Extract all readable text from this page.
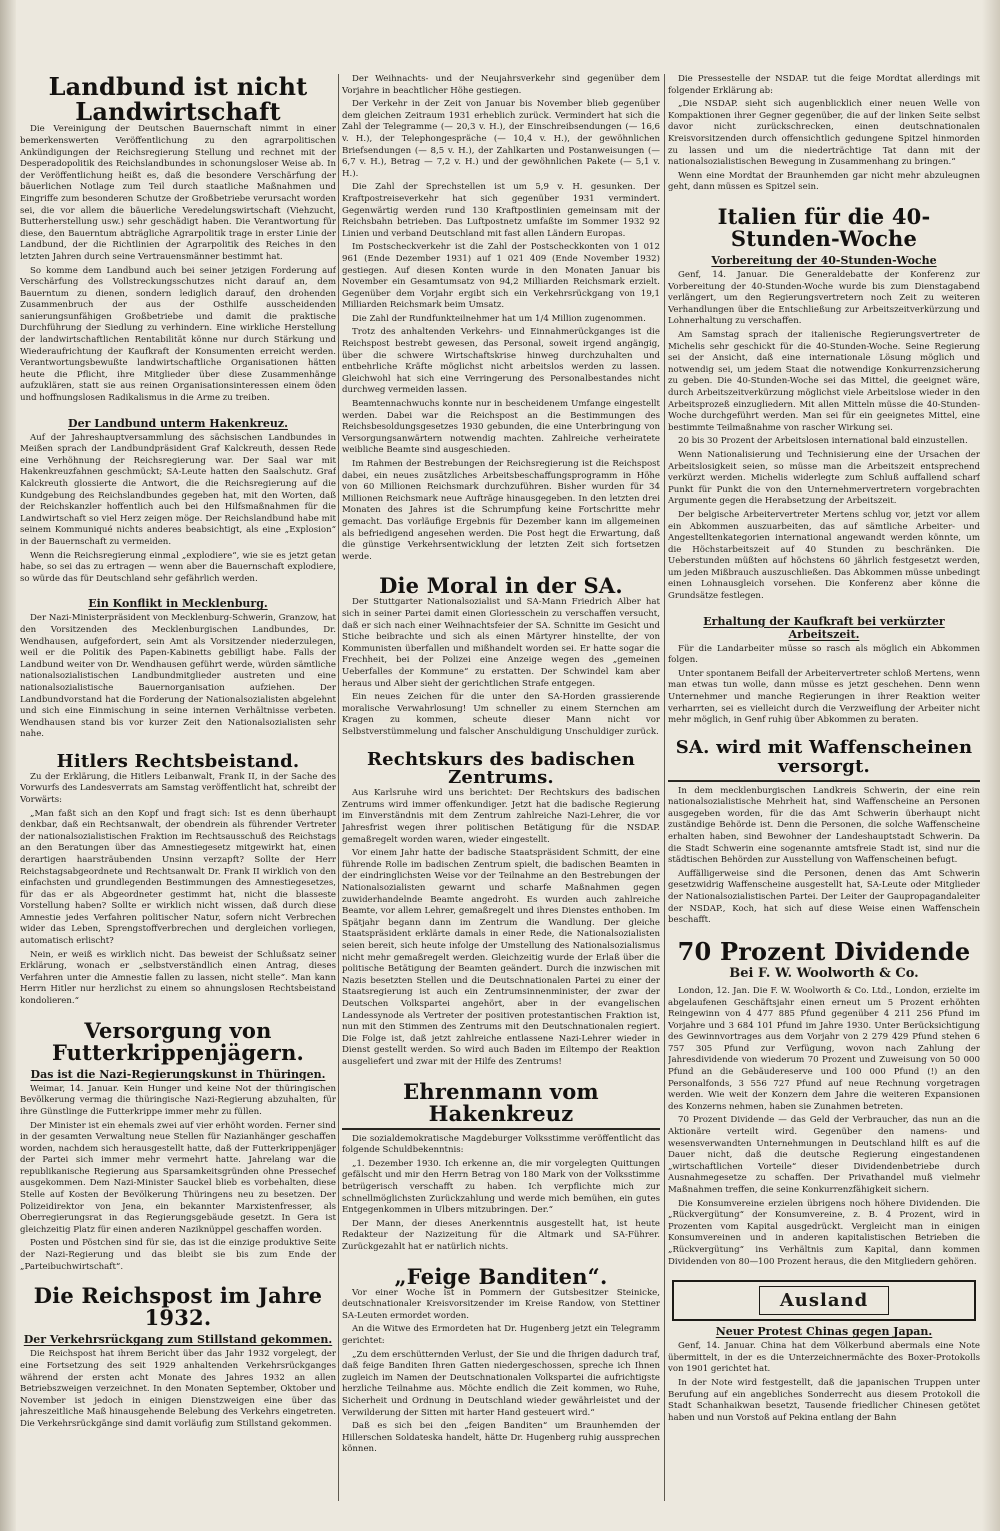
Landbund ist nicht Landwirtschaft

Die Vereinigung der Deutschen Bauernschaft nimmt in einer bemerkenswerten Veröffentlichung zu den agrarpolitischen Ankündigungen der Reichsregierung Stellung und rechnet mit der Desperadopolitik des Reichslandbundes in schonungsloser Weise ab. In der Veröffentlichung heißt es, daß die besondere Verschärfung der bäuerlichen Notlage zum Teil durch staatliche Maßnahmen und Eingriffe zum besonderen Schutze der Großbetriebe verursacht worden sei, die vor allem die bäuerliche Veredelungswirtschaft (Viehzucht, Butterherstellung usw.) sehr geschädigt haben. Die Verantwortung für diese, den Bauerntum abträgliche Agrarpolitik trage in erster Linie der Landbund, der die Richtlinien der Agrarpolitik des Reiches in den letzten Jahren durch seine Vertrauensmänner bestimmt hat.

So komme dem Landbund auch bei seiner jetzigen Forderung auf Verschärfung des Vollstreckungsschutzes nicht darauf an, dem Bauerntum zu dienen, sondern lediglich darauf, den drohenden Zusammenbruch der aus der Osthilfe ausscheidenden sanierungsunfähigen Großbetriebe und damit die praktische Durchführung der Siedlung zu verhindern. Eine wirkliche Herstellung der landwirtschaftlichen Rentabilität könne nur durch Stärkung und Wiederaufrichtung der Kaufkraft der Konsumenten erreicht werden. Verantwortungsbewußte landwirtschaftliche Organisationen hätten heute die Pflicht, ihre Mitglieder über diese Zusammenhänge aufzuklären, statt sie aus reinen Organisationsinteressen einem öden und hoffnungslosen Radikalismus in die Arme zu treiben.

Der Landbund unterm Hakenkreuz.

Auf der Jahreshauptversammlung des sächsischen Landbundes in Meißen sprach der Landbundpräsident Graf Kalckreuth, dessen Rede eine Verhöhnung der Reichsregierung war. Der Saal war mit Hakenkreuzfahnen geschmückt; SA-Leute hatten den Saalschutz. Graf Kalckreuth glossierte die Antwort, die die Reichsregierung auf die Kundgebung des Reichslandbundes gegeben hat, mit den Worten, daß der Reichskanzler hoffentlich auch bei den Hilfsmaßnahmen für die Landwirtschaft so viel Herz zeigen möge. Der Reichslandbund habe mit seinem Kommuniqué nichts anderes beabsichtigt, als eine „Explosion“ in der Bauernschaft zu vermeiden.

Wenn die Reichsregierung einmal „explodiere“, wie sie es jetzt getan habe, so sei das zu ertragen — wenn aber die Bauernschaft explodiere, so würde das für Deutschland sehr gefährlich werden.

Ein Konflikt in Mecklenburg.

Der Nazi-Ministerpräsident von Mecklenburg-Schwerin, Granzow, hat den Vorsitzenden des Mecklenburgischen Landbundes, Dr. Wendhausen, aufgefordert, sein Amt als Vorsitzender niederzulegen, weil er die Politik des Papen-Kabinetts gebilligt habe. Falls der Landbund weiter von Dr. Wendhausen geführt werde, würden sämtliche nationalsozialistischen Landbundmitglieder austreten und eine nationalsozialistische Bauernorganisation aufziehen. Der Landbundvorstand hat die Forderung der Nationalsozialisten abgelehnt und sich eine Einmischung in seine internen Verhältnisse verbeten. Wendhausen stand bis vor kurzer Zeit den Nationalsozialisten sehr nahe.

Hitlers Rechtsbeistand.

Zu der Erklärung, die Hitlers Leibanwalt, Frank II, in der Sache des Vorwurfs des Landesverrats am Samstag veröffentlicht hat, schreibt der Vorwärts:

„Man faßt sich an den Kopf und fragt sich: Ist es denn überhaupt denkbar, daß ein Rechtsanwalt, der obendrein als führender Vertreter der nationalsozialistischen Fraktion im Rechtsausschuß des Reichstags an den Beratungen über das Amnestiegesetz mitgewirkt hat, einen derartigen haarsträubenden Unsinn verzapft? Sollte der Herr Reichstagsabgeordnete und Rechtsanwalt Dr. Frank II wirklich von den einfachsten und grundlegenden Bestimmungen des Amnestiegesetzes, für das er als Abgeordneter gestimmt hat, nicht die blasseste Vorstellung haben? Sollte er wirklich nicht wissen, daß durch diese Amnestie jedes Verfahren politischer Natur, sofern nicht Verbrechen wider das Leben, Sprengstoffverbrechen und dergleichen vorliegen, automatisch erlischt?

Nein, er weiß es wirklich nicht. Das beweist der Schlußsatz seiner Erklärung, wonach er „selbstverständlich einen Antrag, dieses Verfahren unter die Amnestie fallen zu lassen, nicht stelle“. Man kann Herrn Hitler nur herzlichst zu einem so ahnungslosen Rechtsbeistand kondolieren.“

Versorgung von Futterkrippenjägern.
Das ist die Nazi-Regierungskunst in Thüringen.

Weimar, 14. Januar. Kein Hunger und keine Not der thüringischen Bevölkerung vermag die thüringische Nazi-Regierung abzuhalten, für ihre Günstlinge die Futterkrippe immer mehr zu füllen.

Der Minister ist ein ehemals zwei auf vier erhöht worden. Ferner sind in der gesamten Verwaltung neue Stellen für Nazianhänger geschaffen worden, nachdem sich herausgestellt hatte, daß der Futterkrippenjäger der Partei sich immer mehr vermehrt hatte. Jahrelang war die republikanische Regierung aus Sparsamkeitsgründen ohne Pressechef ausgekommen. Dem Nazi-Minister Sauckel blieb es vorbehalten, diese Stelle auf Kosten der Bevölkerung Thüringens neu zu besetzen. Der Polizeidirektor von Jena, ein bekannter Marxistenfresser, als Oberregierungsrat in das Regierungsgebäude gesetzt. In Gera ist gleichzeitig Platz für einen anderen Naziknüppel geschaffen worden.

Posten und Pöstchen sind für sie, das ist die einzige produktive Seite der Nazi-Regierung und das bleibt sie bis zum Ende der „Parteibuchwirtschaft“.

Die Reichspost im Jahre 1932.
Der Verkehrsrückgang zum Stillstand gekommen.

Die Reichspost hat ihrem Bericht über das Jahr 1932 vorgelegt, der eine Fortsetzung des seit 1929 anhaltenden Verkehrsrückganges während der ersten acht Monate des Jahres 1932 an allen Betriebszweigen verzeichnet. In den Monaten September, Oktober und November ist jedoch in einigen Dienstzweigen eine über das jahreszeitliche Maß hinausgehende Belebung des Verkehrs eingetreten. Die Verkehrsrückgänge sind damit vorläufig zum Stillstand gekommen.

Der Weihnachts- und der Neujahrsverkehr sind gegenüber dem Vorjahre in beachtlicher Höhe gestiegen.

Der Verkehr in der Zeit von Januar bis November blieb gegenüber dem gleichen Zeitraum 1931 erheblich zurück. Vermindert hat sich die Zahl der Telegramme (— 20,3 v. H.), der Einschreibsendungen (— 16,6 v. H.), der Telephongespräche (— 10,4 v. H.), der gewöhnlichen Briefsendungen (— 8,5 v. H.), der Zahlkarten und Postanweisungen (— 6,7 v. H.), Betrag — 7,2 v. H.) und der gewöhnlichen Pakete (— 5,1 v. H.).

Die Zahl der Sprechstellen ist um 5,9 v. H. gesunken. Der Kraftpostreiseverkehr hat sich gegenüber 1931 vermindert. Gegenwärtig werden rund 130 Kraftpostlinien gemeinsam mit der Reichsbahn betrieben. Das Luftpostnetz umfaßte im Sommer 1932 92 Linien und verband Deutschland mit fast allen Ländern Europas.

Im Postscheckverkehr ist die Zahl der Postscheckkonten von 1 012 961 (Ende Dezember 1931) auf 1 021 409 (Ende November 1932) gestiegen. Auf diesen Konten wurde in den Monaten Januar bis November ein Gesamtumsatz von 94,2 Milliarden Reichsmark erzielt. Gegenüber dem Vorjahr ergibt sich ein Verkehrsrückgang von 19,1 Milliarden Reichsmark beim Umsatz.

Die Zahl der Rundfunkteilnehmer hat um 1/4 Million zugenommen.

Trotz des anhaltenden Verkehrs- und Einnahmerückganges ist die Reichspost bestrebt gewesen, das Personal, soweit irgend angängig, über die schwere Wirtschaftskrise hinweg durchzuhalten und entbehrliche Kräfte möglichst nicht arbeitslos werden zu lassen. Gleichwohl hat sich eine Verringerung des Personalbestandes nicht durchweg vermeiden lassen.

Beamtennachwuchs konnte nur in bescheidenem Umfange eingestellt werden. Dabei war die Reichspost an die Bestimmungen des Reichsbesoldungsgesetzes 1930 gebunden, die eine Unterbringung von Versorgungsanwärtern notwendig machten. Zahlreiche verheiratete weibliche Beamte sind ausgeschieden.

Im Rahmen der Bestrebungen der Reichsregierung ist die Reichspost dabei, ein neues zusätzliches Arbeitsbeschaffungsprogramm in Höhe von 60 Millionen Reichsmark durchzuführen. Bisher wurden für 34 Millionen Reichsmark neue Aufträge hinausgegeben. In den letzten drei Monaten des Jahres ist die Schrumpfung keine Fortschritte mehr gemacht. Das vorläufige Ergebnis für Dezember kann im allgemeinen als befriedigend angesehen werden. Die Post hegt die Erwartung, daß die günstige Verkehrsentwicklung der letzten Zeit sich fortsetzen werde.

Die Moral in der SA.

Der Stuttgarter Nationalsozialist und SA-Mann Friedrich Alber hat sich in seiner Partei damit einen Gloriesschein zu verschaffen versucht, daß er sich nach einer Weihnachtsfeier der SA. Schnitte im Gesicht und Stiche beibrachte und sich als einen Märtyrer hinstellte, der von Kommunisten überfallen und mißhandelt worden sei. Er hatte sogar die Frechheit, bei der Polizei eine Anzeige wegen des „gemeinen Ueberfalles der Kommune“ zu erstatten. Der Schwindel kam aber heraus und Alber sieht der gerichtlichen Strafe entgegen.

Ein neues Zeichen für die unter den SA-Horden grassierende moralische Verwahrlosung! Um schneller zu einem Sternchen am Kragen zu kommen, scheute dieser Mann nicht vor Selbstverstümmelung und falscher Anschuldigung Unschuldiger zurück.

Rechtskurs des badischen Zentrums.

Aus Karlsruhe wird uns berichtet: Der Rechtskurs des badischen Zentrums wird immer offenkundiger. Jetzt hat die badische Regierung im Einverständnis mit dem Zentrum zahlreiche Nazi-Lehrer, die vor Jahresfrist wegen ihrer politischen Betätigung für die NSDAP. gemaßregelt worden waren, wieder eingestellt.

Vor einem Jahr hatte der badische Staatspräsident Schmitt, der eine führende Rolle im badischen Zentrum spielt, die badischen Beamten in der eindringlichsten Weise vor der Teilnahme an den Bestrebungen der Nationalsozialisten gewarnt und scharfe Maßnahmen gegen zuwiderhandelnde Beamte angedroht. Es wurden auch zahlreiche Beamte, vor allem Lehrer, gemaßregelt und ihres Dienstes enthoben. Im Spätjahr begann dann im Zentrum die Wandlung. Der gleiche Staatspräsident erklärte damals in einer Rede, die Nationalsozialisten seien bereit, sich heute infolge der Umstellung des Nationalsozialismus nicht mehr gemaßregelt werden. Gleichzeitig wurde der Erlaß über die politische Betätigung der Beamten geändert. Durch die inzwischen mit Nazis besetzten Stellen und die Deutschnationalen Partei zu einer der Staatsregierung ist auch ein Zentrumsinnenminister, der zwar der Deutschen Volkspartei angehört, aber in der evangelischen Landessynode als Vertreter der positiven protestantischen Fraktion ist, nun mit den Stimmen des Zentrums mit den Deutschnationalen regiert. Die Folge ist, daß jetzt zahlreiche entlassene Nazi-Lehrer wieder in Dienst gestellt werden. So wird auch Baden im Eiltempo der Reaktion ausgeliefert und zwar mit der Hilfe des Zentrums!

Ehrenmann vom Hakenkreuz

Die sozialdemokratische Magdeburger Volksstimme veröffentlicht das folgende Schuldbekenntnis:

„1. Dezember 1930. Ich erkenne an, die mir vorgelegten Quittungen gefälscht und mir den Herrn Betrag von 180 Mark von der Volksstimme betrügerisch verschafft zu haben. Ich verpflichte mich zur schnellmöglichsten Zurückzahlung und werde mich bemühen, ein gutes Entgegenkommen in Ulbers mitzubringen. Der.“

Der Mann, der dieses Anerkenntnis ausgestellt hat, ist heute Redakteur der Nazizeitung für die Altmark und SA-Führer. Zurückgezahlt hat er natürlich nichts.

„Feige Banditen“.

Vor einer Woche ist in Pommern der Gutsbesitzer Steinicke, deutschnationaler Kreisvorsitzender im Kreise Randow, von Stettiner SA-Leuten ermordet worden.

An die Witwe des Ermordeten hat Dr. Hugenberg jetzt ein Telegramm gerichtet:

„Zu dem erschütternden Verlust, der Sie und die Ihrigen dadurch traf, daß feige Banditen Ihren Gatten niedergeschossen, spreche ich Ihnen zugleich im Namen der Deutschnationalen Volkspartei die aufrichtigste herzliche Teilnahme aus. Möchte endlich die Zeit kommen, wo Ruhe, Sicherheit und Ordnung in Deutschland wieder gewährleistet und der Verwilderung der Sitten mit harter Hand gesteuert wird.“

Daß es sich bei den „feigen Banditen“ um Braunhemden der Hillerschen Soldateska handelt, hätte Dr. Hugenberg ruhig aussprechen können.

Die Pressestelle der NSDAP. tut die feige Mordtat allerdings mit folgender Erklärung ab:

„Die NSDAP. sieht sich augenblicklich einer neuen Welle von Kompaktionen ihrer Gegner gegenüber, die auf der linken Seite selbst davor nicht zurückschrecken, einen deutschnationalen Kreisvorsitzenden durch offensichtlich gedungene Spitzel hinmorden zu lassen und um die niederträchtige Tat dann mit der nationalsozialistischen Bewegung in Zusammenhang zu bringen.“

Wenn eine Mordtat der Braunhemden gar nicht mehr abzuleugnen geht, dann müssen es Spitzel sein.

Italien für die 40-Stunden-Woche
Vorbereitung der 40-Stunden-Woche

Genf, 14. Januar. Die Generaldebatte der Konferenz zur Vorbereitung der 40-Stunden-Woche wurde bis zum Dienstagabend verlängert, um den Regierungsvertretern noch Zeit zu weiteren Verhandlungen über die Entschließung zur Arbeitszeitverkürzung und Lohnerhaltung zu verschaffen.

Am Samstag sprach der italienische Regierungsvertreter de Michelis sehr geschickt für die 40-Stunden-Woche. Seine Regierung sei der Ansicht, daß eine internationale Lösung möglich und notwendig sei, um jedem Staat die notwendige Konkurrenzsicherung zu geben. Die 40-Stunden-Woche sei das Mittel, die geeignet wäre, durch Arbeitszeitverkürzung möglichst viele Arbeitslose wieder in den Arbeitsprozeß einzugliedern. Mit allen Mitteln müsse die 40-Stunden-Woche durchgeführt werden. Man sei für ein geeignetes Mittel, eine bestimmte Teilmaßnahme von rascher Wirkung sei.

20 bis 30 Prozent der Arbeitslosen international bald einzustellen.

Wenn Nationalisierung und Technisierung eine der Ursachen der Arbeitslosigkeit seien, so müsse man die Arbeitszeit entsprechend verkürzt werden. Michelis widerlegte zum Schluß auffallend scharf Punkt für Punkt die von den Unternehmervertretern vorgebrachten Argumente gegen die Herabsetzung der Arbeitszeit.

Der belgische Arbeitervertreter Mertens schlug vor, jetzt vor allem ein Abkommen auszuarbeiten, das auf sämtliche Arbeiter- und Angestelltenkategorien international angewandt werden könnte, um die Höchstarbeitszeit auf 40 Stunden zu beschränken. Die Ueberstunden müßten auf höchstens 60 jährlich festgesetzt werden, um jeden Mißbrauch auszuschließen. Das Abkommen müsse unbedingt einen Lohnausgleich vorsehen. Die Konferenz aber könne die Grundsätze festlegen.

Erhaltung der Kaufkraft bei verkürzter Arbeitszeit.

Für die Landarbeiter müsse so rasch als möglich ein Abkommen folgen.

Unter spontanem Beifall der Arbeitervertreter schloß Mertens, wenn man etwas tun wolle, dann müsse es jetzt geschehen. Denn wenn Unternehmer und manche Regierungen in ihrer Reaktion weiter verharrten, sei es vielleicht durch die Verzweiflung der Arbeiter nicht mehr möglich, in Genf ruhig über Abkommen zu beraten.

SA. wird mit Waffenscheinen versorgt.

In dem mecklenburgischen Landkreis Schwerin, der eine rein nationalsozialistische Mehrheit hat, sind Waffenscheine an Personen ausgegeben worden, für die das Amt Schwerin überhaupt nicht zuständige Behörde ist. Denn die Personen, die solche Waffenscheine erhalten haben, sind Bewohner der Landeshauptstadt Schwerin. Da die Stadt Schwerin eine sogenannte amtsfreie Stadt ist, sind nur die städtischen Behörden zur Ausstellung von Waffenscheinen befugt.

Auffälligerweise sind die Personen, denen das Amt Schwerin gesetzwidrig Waffenscheine ausgestellt hat, SA-Leute oder Mitglieder der Nationalsozialistischen Partei. Der Leiter der Gaupropagandaleiter der NSDAP., Koch, hat sich auf diese Weise einen Waffenschein beschafft.

70 Prozent Dividende
Bei F. W. Woolworth & Co.

London, 12. Jan. Die F. W. Woolworth & Co. Ltd., London, erzielte im abgelaufenen Geschäftsjahr einen erneut um 5 Prozent erhöhten Reingewinn von 4 477 885 Pfund gegenüber 4 211 256 Pfund im Vorjahre und 3 684 101 Pfund im Jahre 1930. Unter Berücksichtigung des Gewinnvortrages aus dem Vorjahr von 2 279 429 Pfund stehen 6 757 305 Pfund zur Verfügung, wovon nach Zahlung der Jahresdividende von wiederum 70 Prozent und Zuweisung von 50 000 Pfund an die Gebäudereserve und 100 000 Pfund (!) an den Personalfonds, 3 556 727 Pfund auf neue Rechnung vorgetragen werden. Wie weit der Konzern dem Jahre die weiteren Expansionen des Konzerns nehmen, haben sie Zunahmen betreten.

70 Prozent Dividende — das Geld der Verbraucher, das nun an die Aktionäre verteilt wird. Gegenüber den namens- und wesensverwandten Unternehmungen in Deutschland hilft es auf die Dauer nicht, daß die deutsche Regierung eingestandenen „wirtschaftlichen Vorteile“ dieser Dividendenbetriebe durch Ausnahmegesetze zu schaffen. Der Privathandel muß vielmehr Maßnahmen treffen, die seine Konkurrenzfähigkeit sichern.

Die Konsumvereine erzielen übrigens noch höhere Dividenden. Die „Rückvergütung“ der Konsumvereine, z. B. 4 Prozent, wird in Prozenten vom Kapital ausgedrückt. Vergleicht man in einigen Konsumvereinen und in anderen kapitalistischen Betrieben die „Rückvergütung“ ins Verhältnis zum Kapital, dann kommen Dividenden von 80—100 Prozent heraus, die den Mitgliedern gehören.

Ausland
Neuer Protest Chinas gegen Japan.

Genf, 14. Januar. China hat dem Völkerbund abermals eine Note übermittelt, in der es die Unterzeichnermächte des Boxer-Protokolls von 1901 gerichtet hat.

In der Note wird festgestellt, daß die japanischen Truppen unter Berufung auf ein angebliches Sonderrecht aus diesem Protokoll die Stadt Schanhaikwan besetzt, Tausende friedlicher Chinesen getötet haben und nun Vorstoß auf Pekina entlang der Bahn
